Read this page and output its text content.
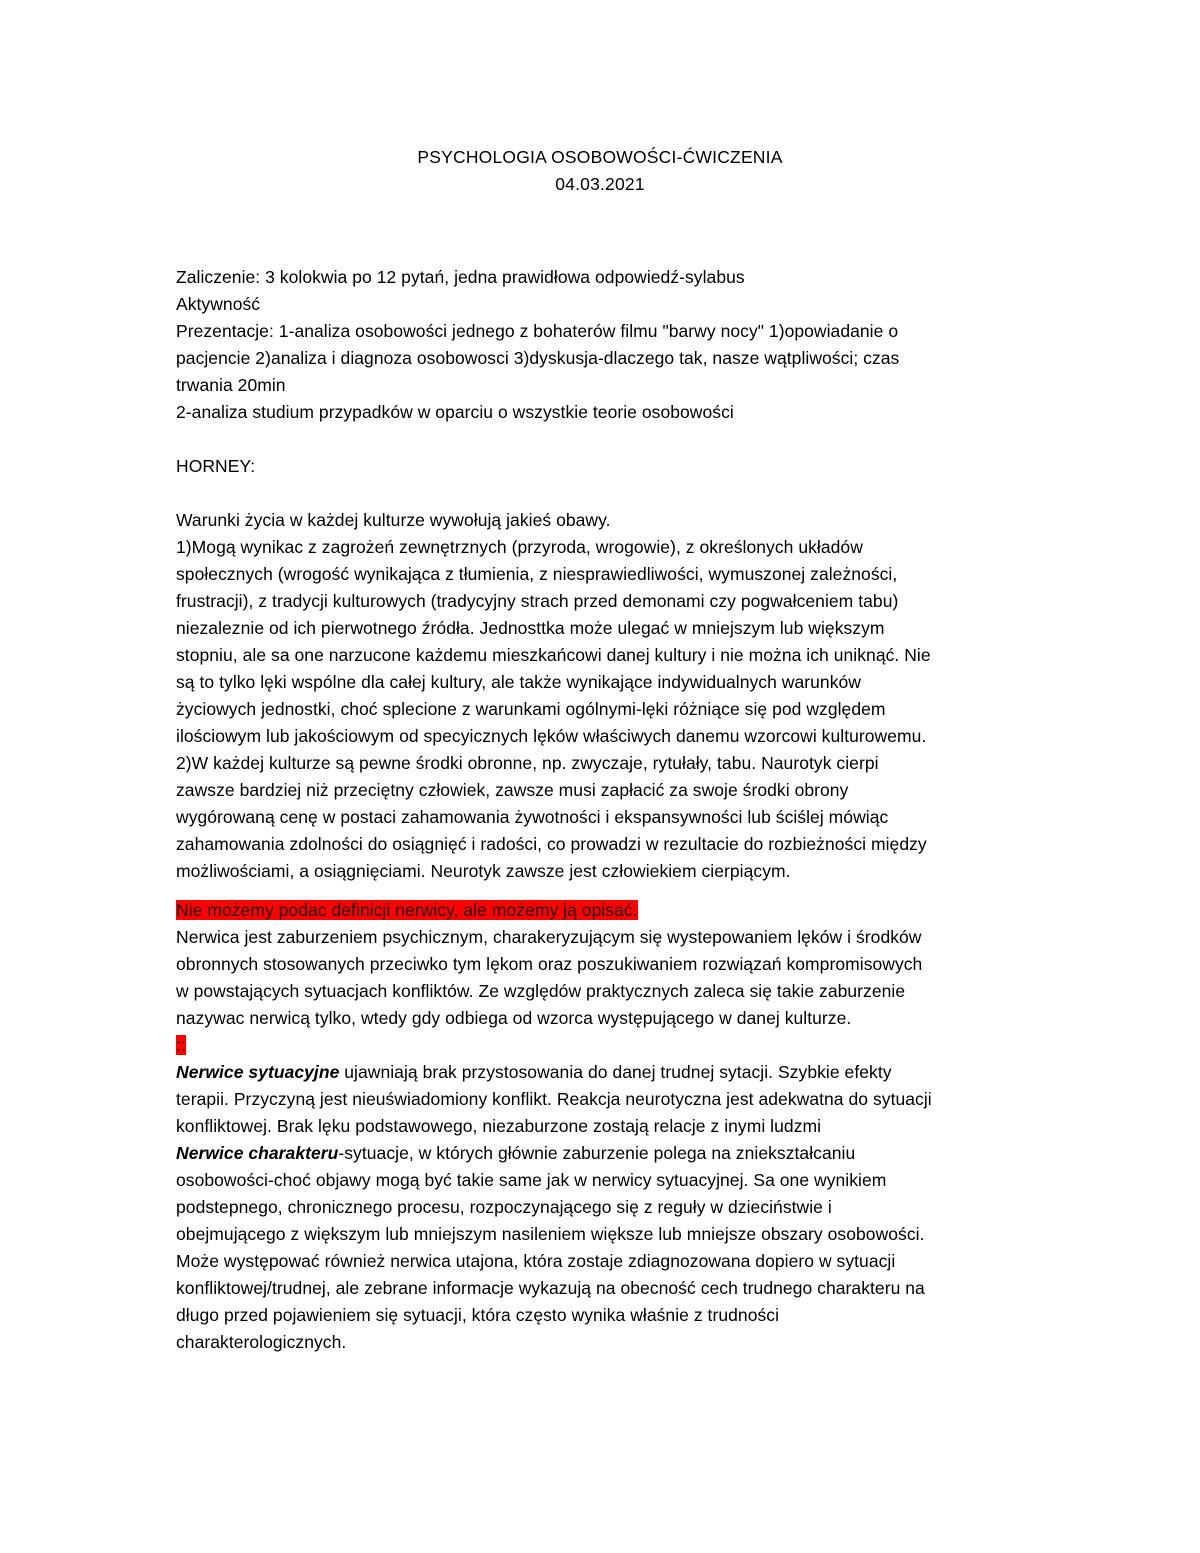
PSYCHOLOGIA OSOBOWOŚCI-ĆWICZENIA
04.03.2021
Zaliczenie: 3 kolokwia po 12 pytań, jedna prawidłowa odpowiedź-sylabus
Aktywność
Prezentacje: 1-analiza osobowości jednego z bohaterów filmu "barwy nocy" 1)opowiadanie o
pacjencie 2)analiza i diagnoza osobowosci 3)dyskusja-dlaczego tak, nasze wątpliwości; czas
trwania 20min
2-analiza studium przypadków w oparciu o wszystkie teorie osobowości
HORNEY:
Warunki życia w każdej kulturze wywołują jakieś obawy.
1)Mogą wynikac z zagrożeń zewnętrznych (przyroda, wrogowie), z określonych układów
społecznych (wrogość wynikająca z tłumienia, z niesprawiedliwości, wymuszonej zależności,
frustracji), z tradycji kulturowych (tradycyjny strach przed demonami czy pogwałceniem tabu)
niezaleznie od ich pierwotnego źródła. Jednosttka może ulegać w mniejszym lub większym
stopniu, ale sa one narzucone każdemu mieszkańcowi danej kultury i nie można ich uniknąć. Nie
są to tylko lęki wspólne dla całej kultury, ale także wynikające indywidualnych warunków
życiowych jednostki, choć splecione z warunkami ogólnymi-lęki różniące się pod względem
ilościowym lub jakościowym od specyicznych lęków właściwych danemu wzorcowi kulturowemu.
2)W każdej kulturze są pewne środki obronne, np. zwyczaje, rytułały, tabu. Naurotyk cierpi
zawsze bardziej niż przeciętny człowiek, zawsze musi zapłacić za swoje środki obrony
wygórowaną cenę w postaci zahamowania żywotności i ekspansywności lub ściślej mówiąc
zahamowania zdolności do osiągnięć i radości, co prowadzi w rezultacie do rozbieżności między
możliwościami, a osiągnięciami. Neurotyk zawsze jest człowiekiem cierpiącym.
Nie możemy podac definicji nerwicy, ale możemy ją opisać.
Nerwica jest zaburzeniem psychicznym, charakeryzującym się wystepowaniem lęków i środków
obronnych stosowanych przeciwko tym lękom oraz poszukiwaniem rozwiązań kompromisowych
w powstających sytuacjach konfliktów. Ze względów praktycznych zaleca się takie zaburzenie
nazywac nerwicą tylko, wtedy gdy odbiega od wzorca występującego w danej kulturze.
::
Nerwice sytuacyjne ujawniają brak przystosowania do danej trudnej sytacji. Szybkie efekty
terapii. Przyczyną jest nieuświadomiony konflikt. Reakcja neurotyczna jest adekwatna do sytuacji
konfliktowej. Brak lęku podstawowego, niezaburzone zostają relacje z inymi ludzmi
Nerwice charakteru-sytuacje, w których głównie zaburzenie polega na zniekształcaniu
osobowości-choć objawy mogą być takie same jak w nerwicy sytuacyjnej. Sa one wynikiem
podstepnego, chronicznego procesu, rozpoczynającego się z reguły w dzieciństwie i
obejmującego z większym lub mniejszym nasileniem większe lub mniejsze obszary osobowości.
Może występować również nerwica utajona, która zostaje zdiagnozowana dopiero w sytuacji
konfliktowej/trudnej, ale zebrane informacje wykazują na obecność cech trudnego charakteru na
długo przed pojawieniem się sytuacji, która często wynika właśnie z trudności
charakterologicznych.
